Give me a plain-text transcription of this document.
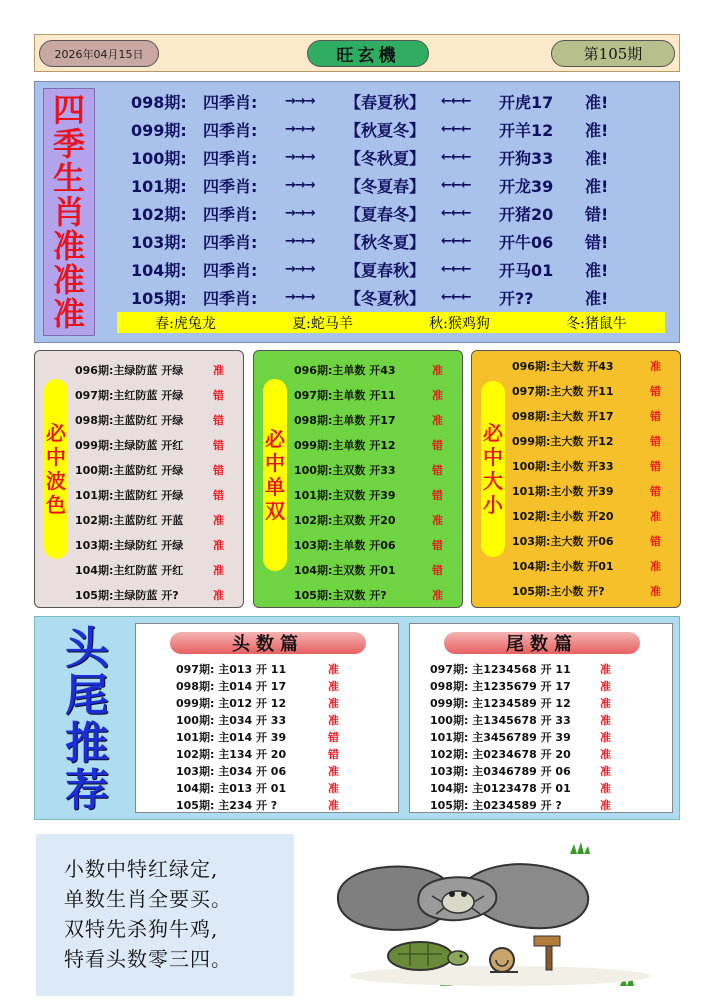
2026年04月15日	旺玄機	第105期
四
季
生
肖
准
准
准
098期:	四季肖:	→→→	【春夏秋】	←←←	开虎17	准!
099期:	四季肖:	→→→	【秋夏冬】	←←←	开羊12	准!
100期:	四季肖:	→→→	【冬秋夏】	←←←	开狗33	准!
101期:	四季肖:	→→→	【冬夏春】	←←←	开龙39	准!
102期:	四季肖:	→→→	【夏春冬】	←←←	开猪20	错!
103期:	四季肖:	→→→	【秋冬夏】	←←←	开牛06	错!
104期:	四季肖:	→→→	【夏春秋】	←←←	开马01	准!
105期:	四季肖:	→→→	【冬夏秋】	←←←	开??	准!
春:虎兔龙	夏:蛇马羊	秋:猴鸡狗	冬:猪鼠牛
必
中
波
色
096期:主绿防蓝 开绿	准
097期:主红防蓝 开绿	错
098期:主蓝防红 开绿	错
099期:主绿防蓝 开红	错
100期:主蓝防红 开绿	错
101期:主蓝防红 开绿	错
102期:主蓝防红 开蓝	准
103期:主绿防红 开绿	准
104期:主红防蓝 开红	准
105期:主绿防蓝 开?	准
必
中
单
双
096期:主单数 开43	准
097期:主单数 开11	准
098期:主单数 开17	准
099期:主单数 开12	错
100期:主双数 开33	错
101期:主双数 开39	错
102期:主双数 开20	准
103期:主单数 开06	错
104期:主双数 开01	错
105期:主双数 开?	准
必
中
大
小
096期:主大数 开43	准
097期:主大数 开11	错
098期:主大数 开17	错
099期:主大数 开12	错
100期:主小数 开33	错
101期:主小数 开39	错
102期:主小数 开20	准
103期:主大数 开06	错
104期:主小数 开01	准
105期:主小数 开?	准
头
尾
推
荐
头数篇
097期: 主013 开 11	准
098期: 主014 开 17	准
099期: 主012 开 12	准
100期: 主034 开 33	准
101期: 主014 开 39	错
102期: 主134 开 20	错
103期: 主034 开 06	准
104期: 主013 开 01	准
105期: 主234 开 ?	准
尾数篇
097期: 主1234568 开 11	准
098期: 主1235679 开 17	准
099期: 主1234589 开 12	准
100期: 主1345678 开 33	准
101期: 主3456789 开 39	准
102期: 主0234678 开 20	准
103期: 主0346789 开 06	准
104期: 主0123478 开 01	准
105期: 主0234589 开 ?	准
小数中特红绿定,
单数生肖全要买。
双特先杀狗牛鸡,
特看头数零三四。
